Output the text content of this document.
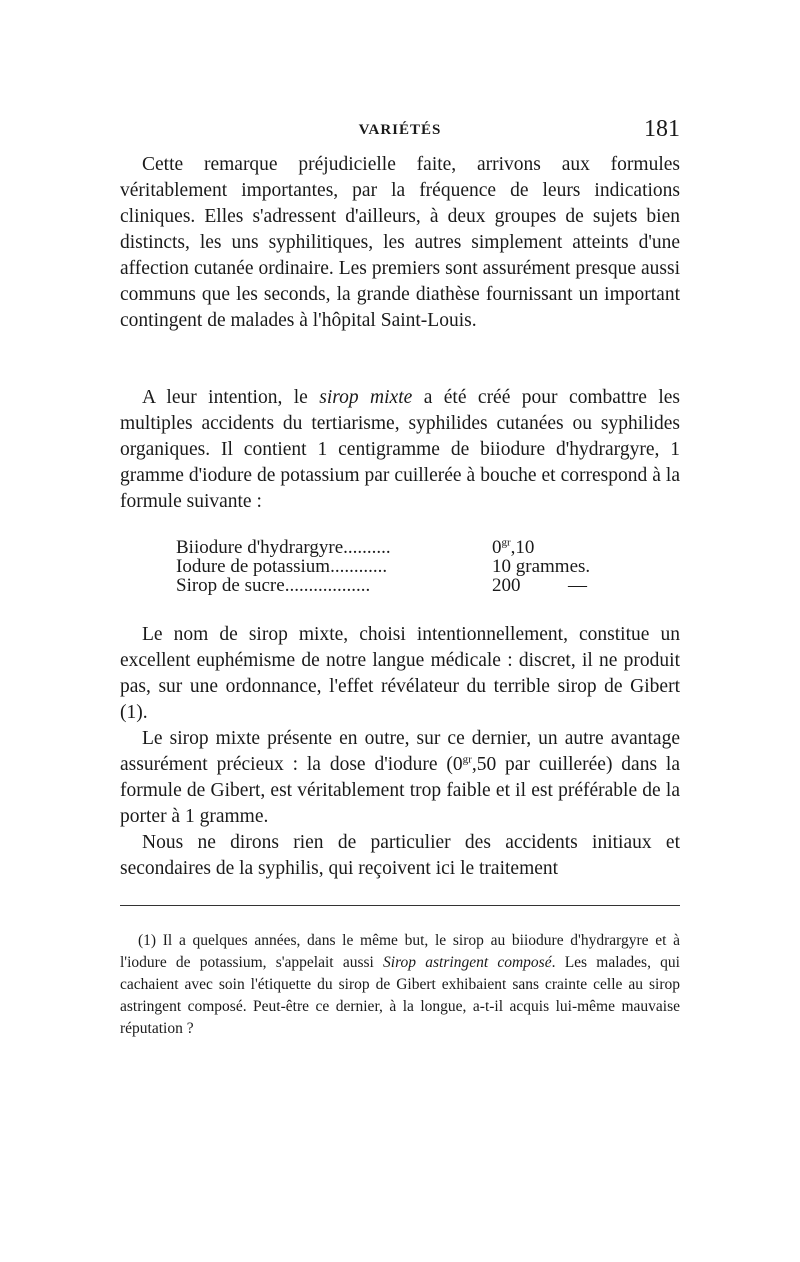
VARIÉTÉS	181
Cette remarque préjudicielle faite, arrivons aux formules véritablement importantes, par la fréquence de leurs indications cliniques. Elles s'adressent d'ailleurs, à deux groupes de sujets bien distincts, les uns syphilitiques, les autres simplement atteints d'une affection cutanée ordinaire. Les premiers sont assurément presque aussi communs que les seconds, la grande diathèse fournissant un important contingent de malades à l'hôpital Saint-Louis.
A leur intention, le sirop mixte a été créé pour combattre les multiples accidents du tertiarisme, syphilides cutanées ou syphilides organiques. Il contient 1 centigramme de biiodure d'hydrargyre, 1 gramme d'iodure de potassium par cuillerée à bouche et correspond à la formule suivante :
Biiodure d'hydrargyre..........	$0^{gr},10$
Iodure de potassium............	10 grammes.
Sirop de sucre..................	200	—
Le nom de sirop mixte, choisi intentionnellement, constitue un excellent euphémisme de notre langue médicale : discret, il ne produit pas, sur une ordonnance, l'effet révélateur du terrible sirop de Gibert (1).
Le sirop mixte présente en outre, sur ce dernier, un autre avantage assurément précieux : la dose d'iodure ($0^{gr},50$ par cuillerée) dans la formule de Gibert, est véritablement trop faible et il est préférable de la porter à 1 gramme.
Nous ne dirons rien de particulier des accidents initiaux et secondaires de la syphilis, qui reçoivent ici le traitement
(1) Il a quelques années, dans le même but, le sirop au biiodure d'hydrargyre et à l'iodure de potassium, s'appelait aussi Sirop astringent composé. Les malades, qui cachaient avec soin l'étiquette du sirop de Gibert exhibaient sans crainte celle au sirop astringent composé. Peut-être ce dernier, à la longue, a-t-il acquis lui-même mauvaise réputation ?
